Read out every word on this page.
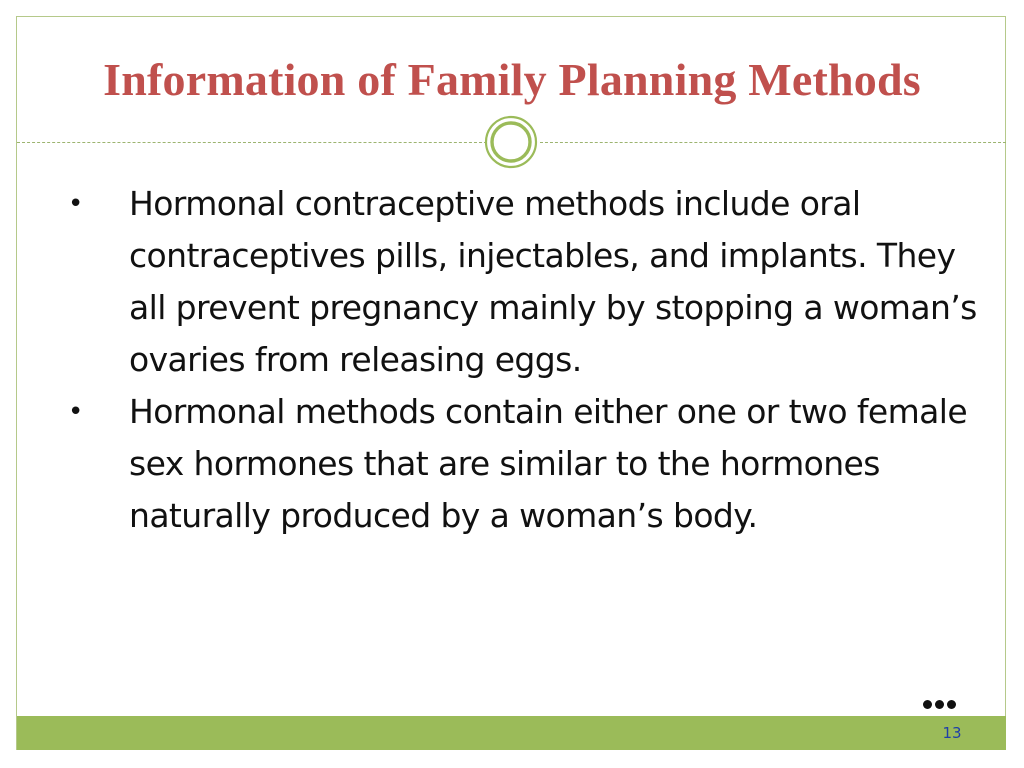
Information of Family Planning Methods
• Hormonal contraceptive methods include oral contraceptives pills, injectables, and implants. They all prevent pregnancy mainly by stopping a woman’s ovaries from releasing eggs.
• Hormonal methods contain either one or two female sex hormones that are similar to the hormones naturally produced by a woman’s body.
13
